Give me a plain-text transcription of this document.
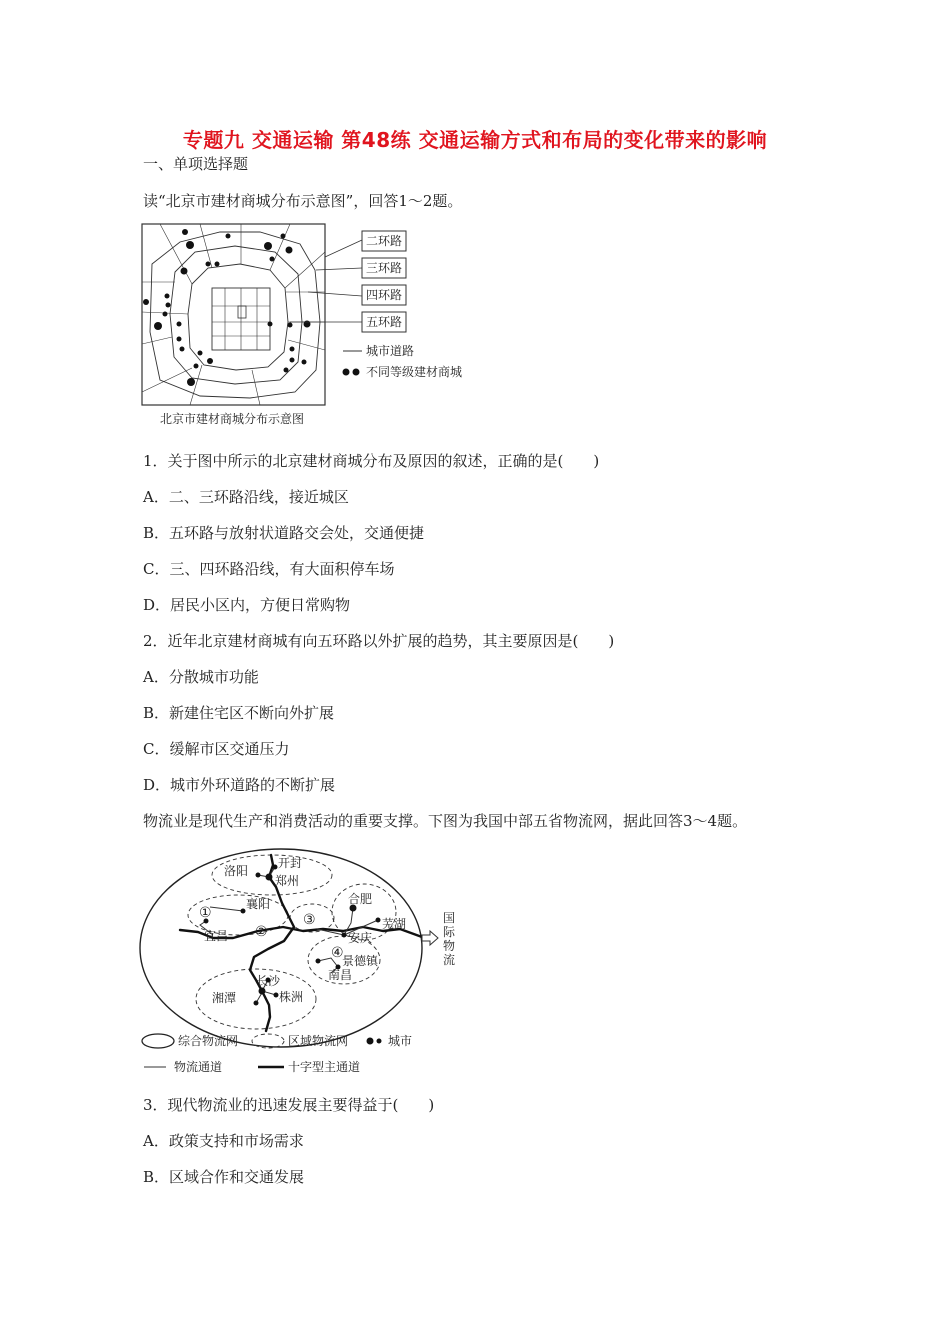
专题九 交通运输 第48练 交通运输方式和布局的变化带来的影响
一、单项选择题
读“北京市建材商城分布示意图”，回答1～2题。
二环路
三环路
四环路
五环路
城市道路
不同等级建材商城
北京市建材商城分布示意图
1．关于图中所示的北京建材商城分布及原因的叙述，正确的是(　　)
A．二、三环路沿线，接近城区
B．五环路与放射状道路交会处，交通便捷
C．三、四环路沿线，有大面积停车场
D．居民小区内，方便日常购物
2．近年北京建材商城有向五环路以外扩展的趋势，其主要原因是(　　)
A．分散城市功能
B．新建住宅区不断向外扩展
C．缓解市区交通压力
D．城市外环道路的不断扩展
物流业是现代生产和消费活动的重要支撑。下图为我国中部五省物流网，据此回答3～4题。
洛阳
开封
郑州
襄阳
宜昌
合肥
芜湖
安庆
景德镇
南昌
长沙
湘潭	株洲
①
②
③
④
国
际
物
流
综合物流网	区域物流网	城市
物流通道	十字型主通道
3．现代物流业的迅速发展主要得益于(　　)
A．政策支持和市场需求
B．区域合作和交通发展
